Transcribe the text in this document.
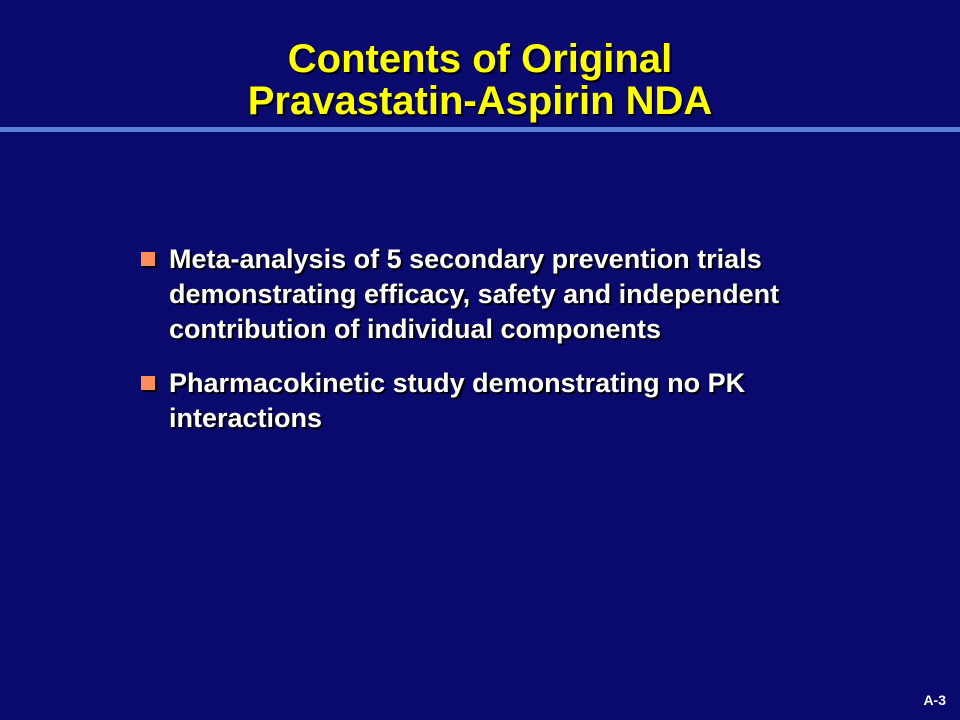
Contents of Original
Pravastatin-Aspirin NDA
Meta-analysis of 5 secondary prevention trials demonstrating efficacy, safety and independent contribution of individual components
Pharmacokinetic study demonstrating no PK interactions
A-3
